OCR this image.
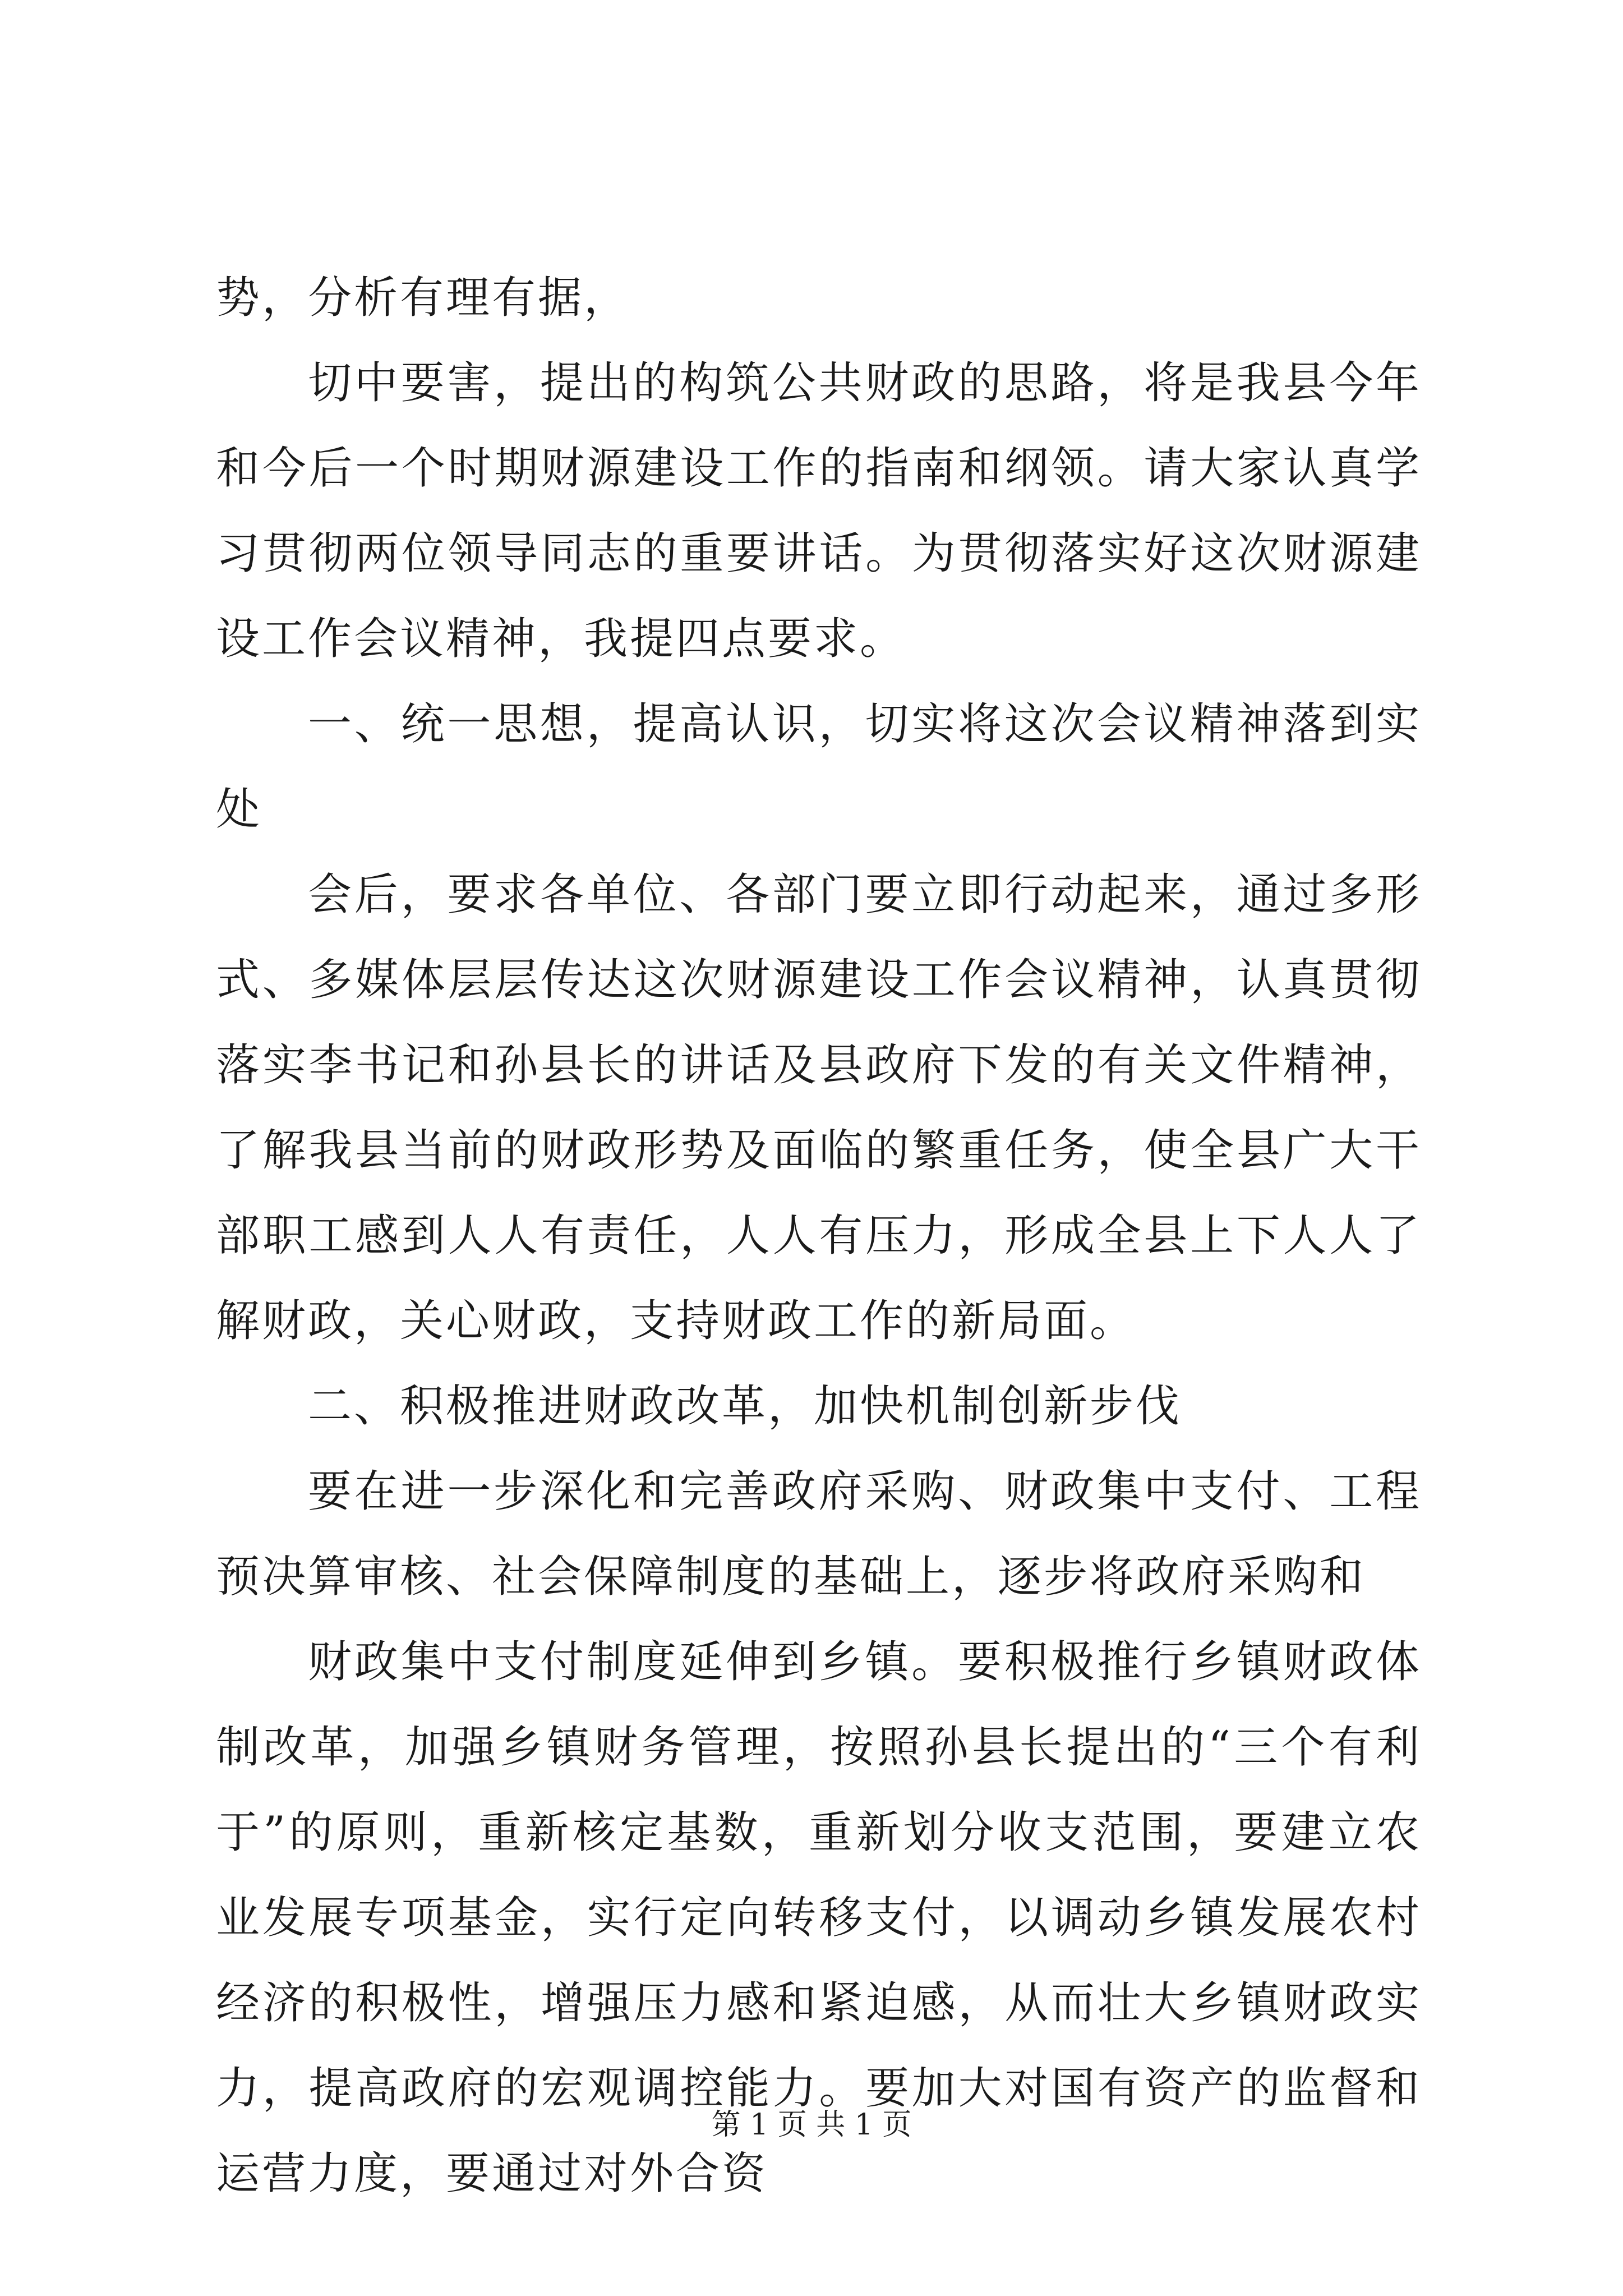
势，分析有理有据，

切中要害，提出的构筑公共财政的思路，将是我县今年和今后一个时期财源建设工作的指南和纲领。请大家认真学习贯彻两位领导同志的重要讲话。为贯彻落实好这次财源建设工作会议精神，我提四点要求。

一、统一思想，提高认识，切实将这次会议精神落到实处

会后，要求各单位、各部门要立即行动起来，通过多形式、多媒体层层传达这次财源建设工作会议精神，认真贯彻落实李书记和孙县长的讲话及县政府下发的有关文件精神，了解我县当前的财政形势及面临的繁重任务，使全县广大干部职工感到人人有责任，人人有压力，形成全县上下人人了解财政，关心财政，支持财政工作的新局面。

二、积极推进财政改革，加快机制创新步伐

要在进一步深化和完善政府采购、财政集中支付、工程预决算审核、社会保障制度的基础上，逐步将政府采购和

财政集中支付制度延伸到乡镇。要积极推行乡镇财政体制改革，加强乡镇财务管理，按照孙县长提出的“三个有利于”的原则，重新核定基数，重新划分收支范围，要建立农业发展专项基金，实行定向转移支付，以调动乡镇发展农村经济的积极性，增强压力感和紧迫感，从而壮大乡镇财政实力，提高政府的宏观调控能力。要加大对国有资产的监督和运营力度，要通过对外合资

第 1 页 共 1 页
